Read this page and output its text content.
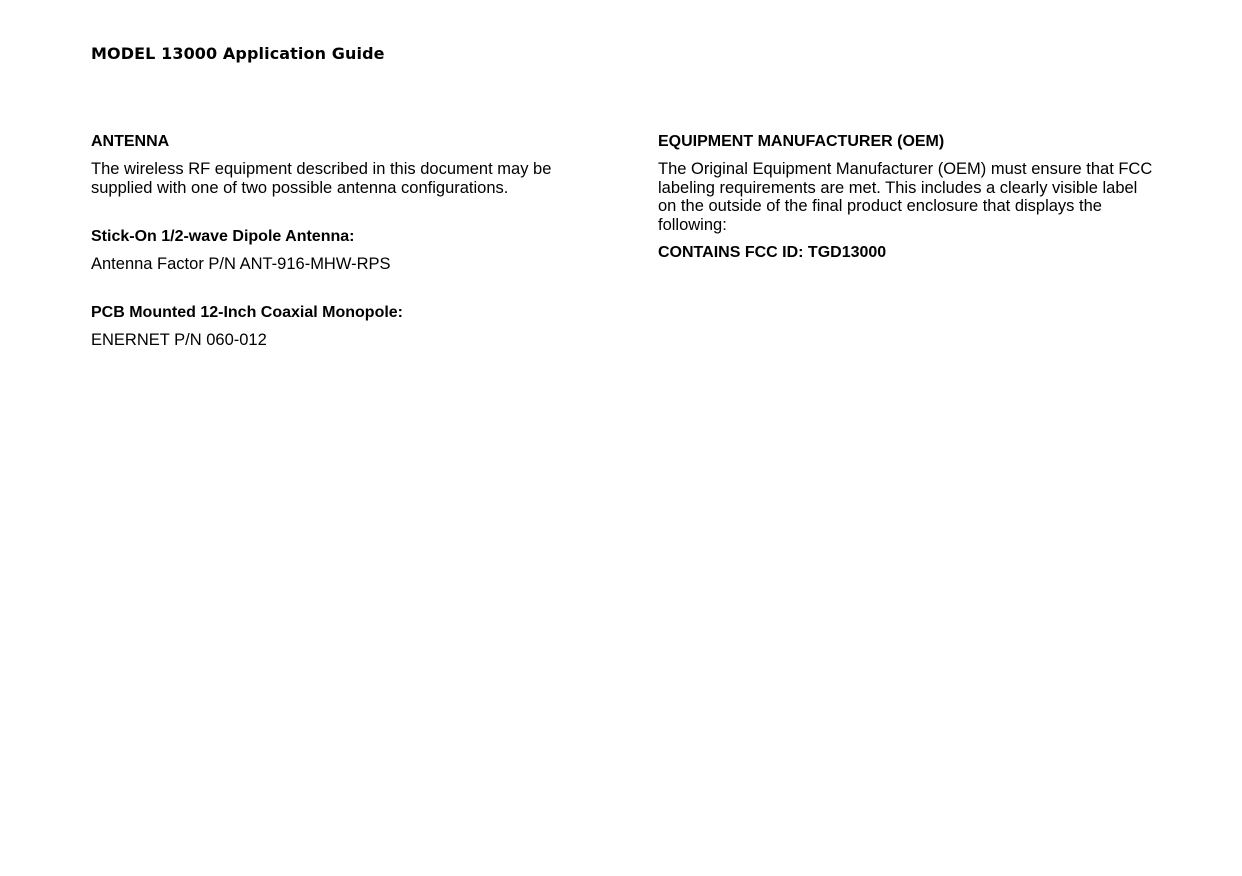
MODEL 13000 Application Guide

ANTENNA

The wireless RF equipment described in this document may be supplied with one of two possible antenna configurations.

Stick-On 1/2-wave Dipole Antenna:

Antenna Factor P/N ANT-916-MHW-RPS

PCB Mounted 12-Inch Coaxial Monopole:

ENERNET P/N 060-012

EQUIPMENT MANUFACTURER (OEM)

The Original Equipment Manufacturer (OEM) must ensure that FCC labeling requirements are met. This includes a clearly visible label on the outside of the final product enclosure that displays the following:

CONTAINS FCC ID: TGD13000
